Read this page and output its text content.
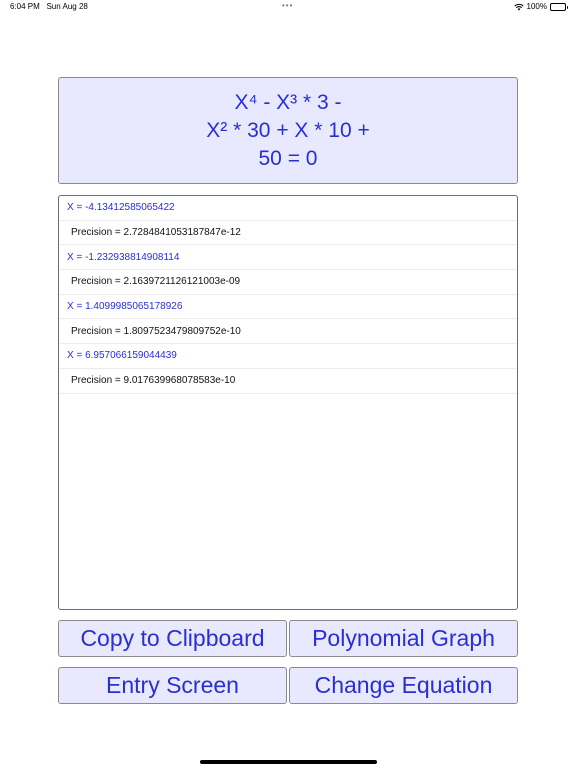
6:04 PM Sun Aug 28	•••	100%
X⁴ - X³ * 3 -
X² * 30 + X * 10 +
50 = 0
X = -4.13412585065422
Precision = 2.7284841053187847e-12
X = -1.232938814908114
Precision = 2.1639721126121003e-09
X = 1.4099985065178926
Precision = 1.8097523479809752e-10
X = 6.957066159044439
Precision = 9.017639968078583e-10
Copy to Clipboard	Polynomial Graph
Entry Screen	Change Equation
